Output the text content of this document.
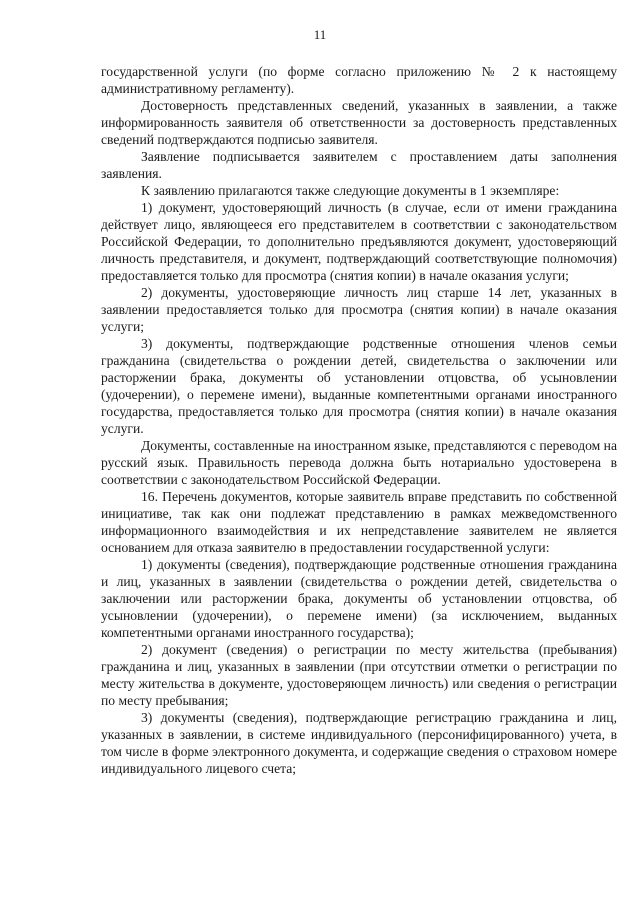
11

государственной услуги (по форме согласно приложению № 2 к настоящему административному регламенту).

Достоверность представленных сведений, указанных в заявлении, а также информированность заявителя об ответственности за достоверность представленных сведений подтверждаются подписью заявителя.

Заявление подписывается заявителем с проставлением даты заполнения заявления.

К заявлению прилагаются также следующие документы в 1 экземпляре:

1) документ, удостоверяющий личность (в случае, если от имени гражданина действует лицо, являющееся его представителем в соответствии с законодательством Российской Федерации, то дополнительно предъявляются документ, удостоверяющий личность представителя, и документ, подтверждающий соответствующие полномочия) предоставляется только для просмотра (снятия копии) в начале оказания услуги;

2) документы, удостоверяющие личность лиц старше 14 лет, указанных в заявлении предоставляется только для просмотра (снятия копии) в начале оказания услуги;

3) документы, подтверждающие родственные отношения членов семьи гражданина (свидетельства о рождении детей, свидетельства о заключении или расторжении брака, документы об установлении отцовства, об усыновлении (удочерении), о перемене имени), выданные компетентными органами иностранного государства, предоставляется только для просмотра (снятия копии) в начале оказания услуги.

Документы, составленные на иностранном языке, представляются с переводом на русский язык. Правильность перевода должна быть нотариально удостоверена в соответствии с законодательством Российской Федерации.

16. Перечень документов, которые заявитель вправе представить по собственной инициативе, так как они подлежат представлению в рамках межведомственного информационного взаимодействия и их непредставление заявителем не является основанием для отказа заявителю в предоставлении государственной услуги:

1) документы (сведения), подтверждающие родственные отношения гражданина и лиц, указанных в заявлении (свидетельства о рождении детей, свидетельства о заключении или расторжении брака, документы об установлении отцовства, об усыновлении (удочерении), о перемене имени) (за исключением, выданных компетентными органами иностранного государства);

2) документ (сведения) о регистрации по месту жительства (пребывания) гражданина и лиц, указанных в заявлении (при отсутствии отметки о регистрации по месту жительства в документе, удостоверяющем личность) или сведения о регистрации по месту пребывания;

3) документы (сведения), подтверждающие регистрацию гражданина и лиц, указанных в заявлении, в системе индивидуального (персонифицированного) учета, в том числе в форме электронного документа, и содержащие сведения о страховом номере индивидуального лицевого счета;
